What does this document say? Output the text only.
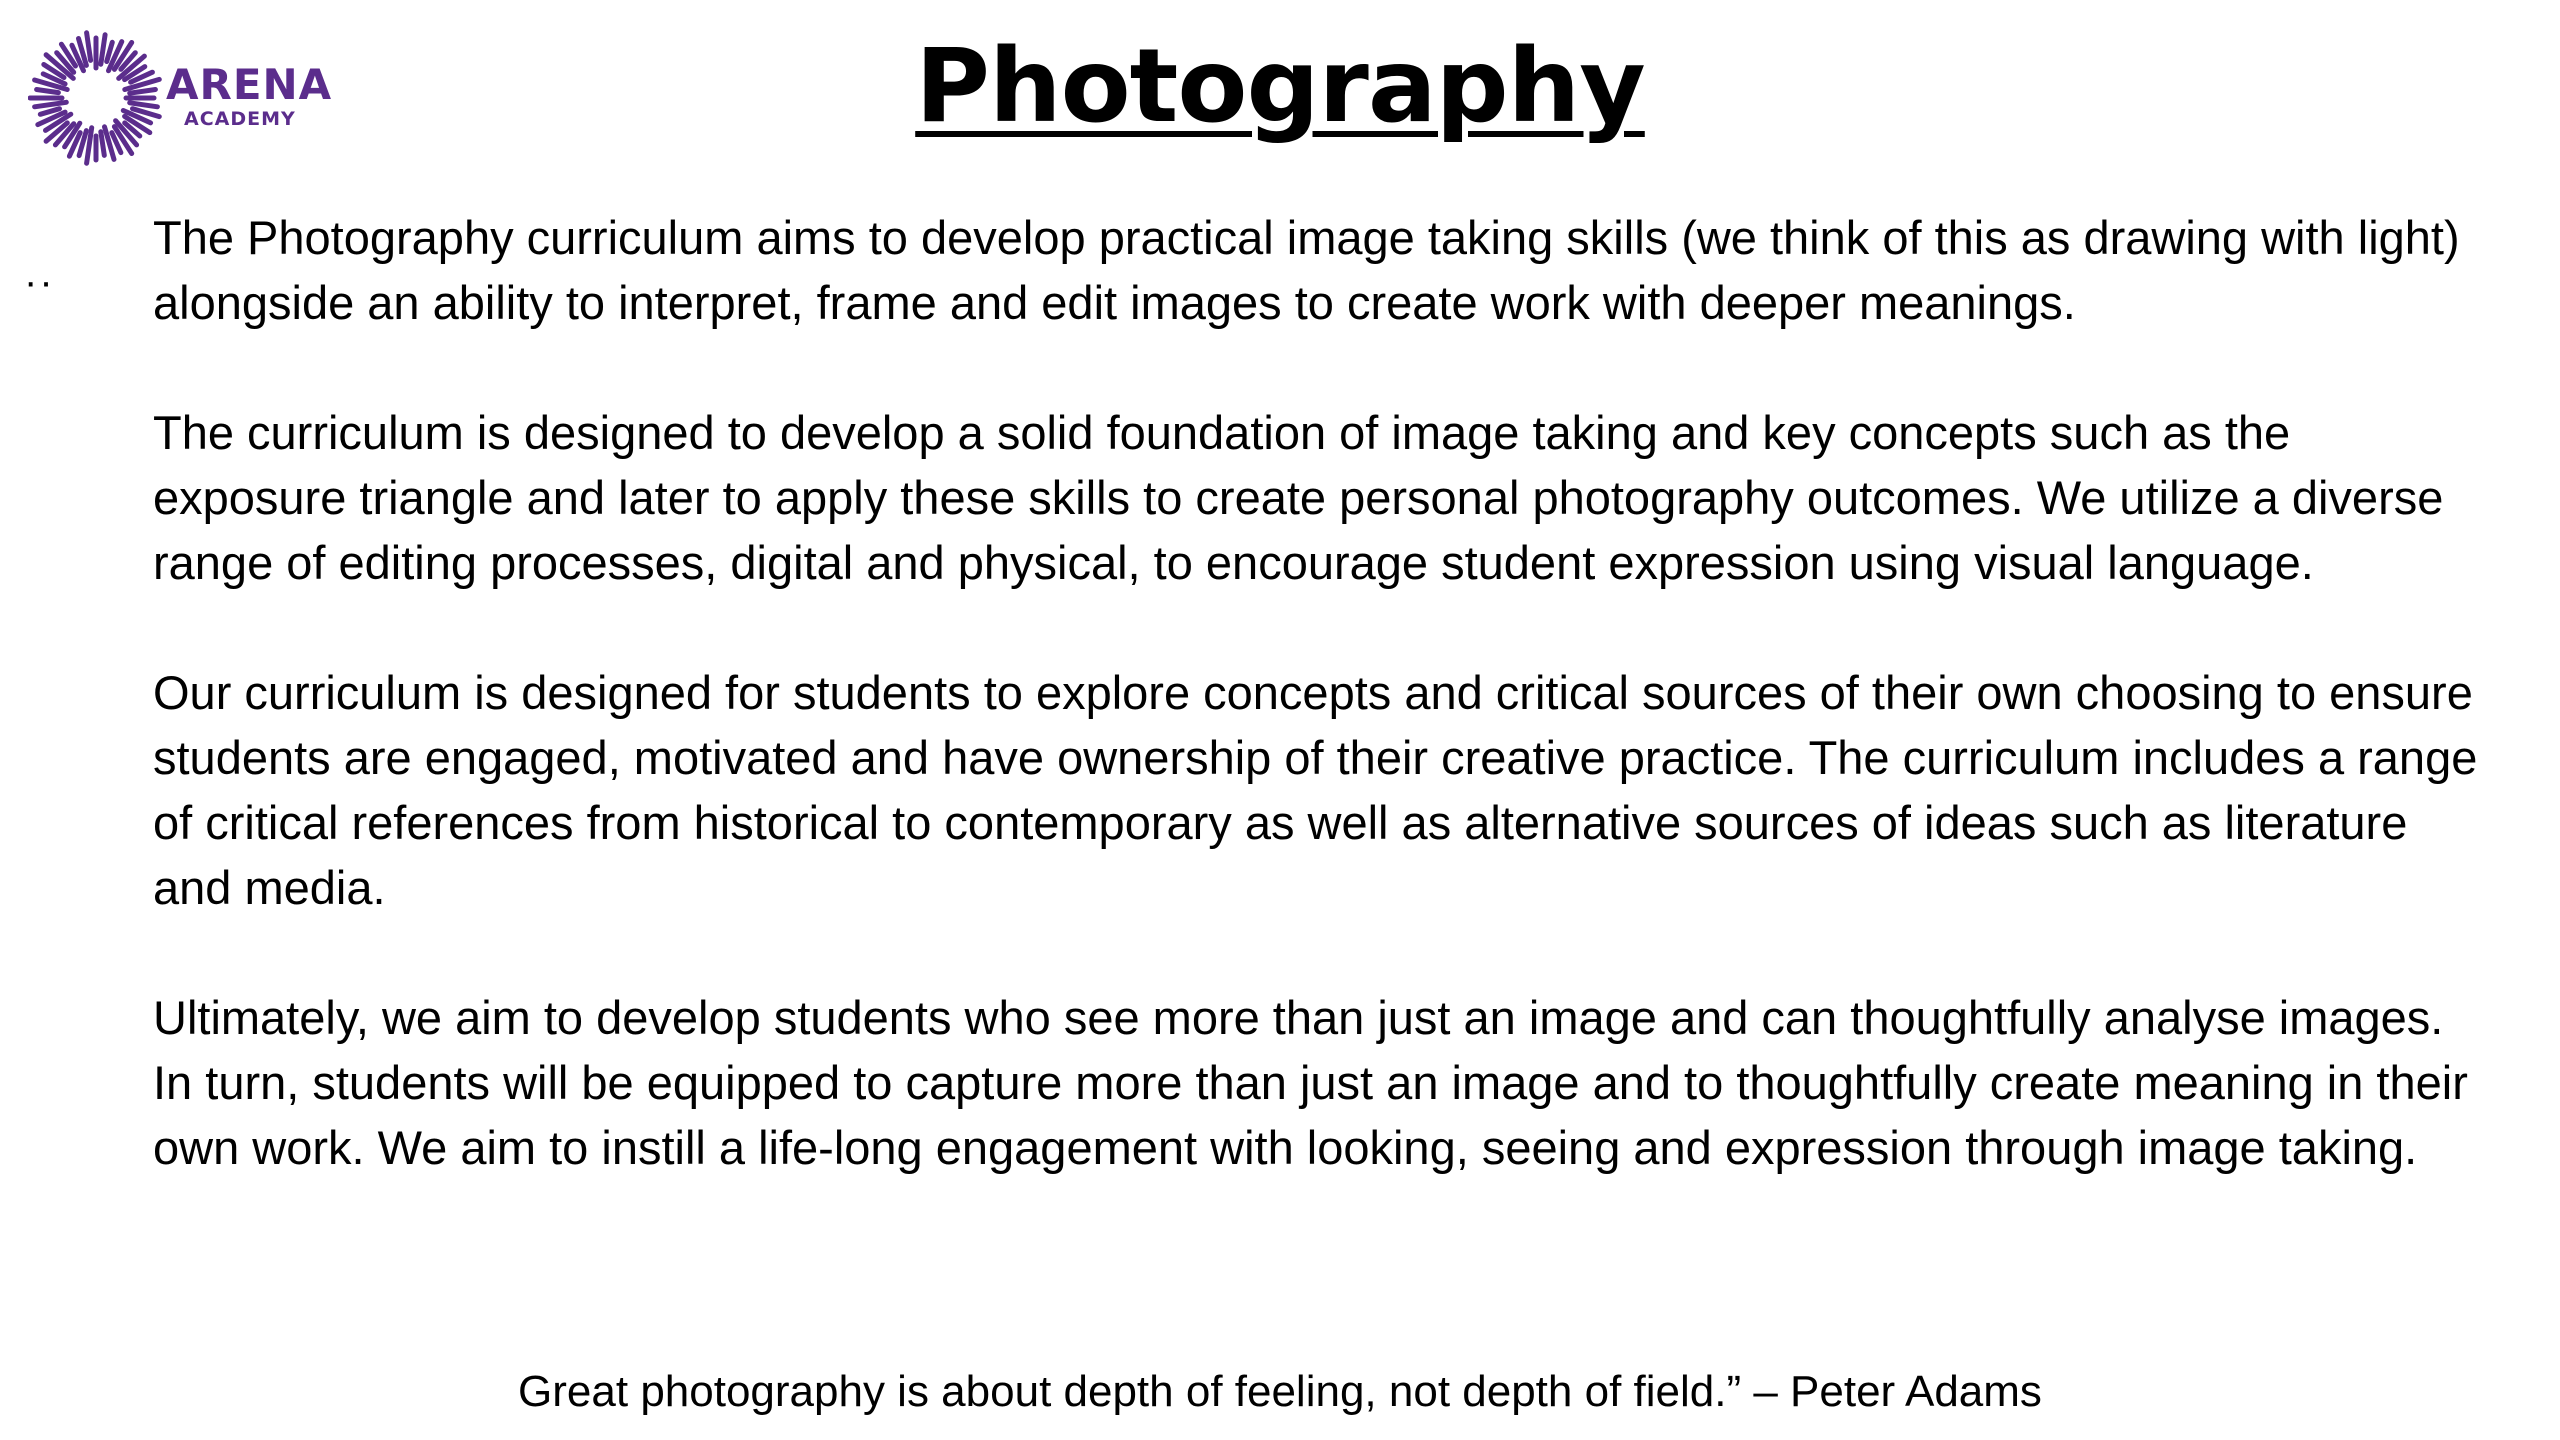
ARENA
ACADEMY	Photography
··

The Photography curriculum aims to develop practical image taking skills (we think of this as drawing with light) alongside an ability to interpret, frame and edit images to create work with deeper meanings.

The curriculum is designed to develop a solid foundation of image taking and key concepts such as the exposure triangle and later to apply these skills to create personal photography outcomes. We utilize a diverse range of editing processes, digital and physical, to encourage student expression using visual language.

Our curriculum is designed for students to explore concepts and critical sources of their own choosing to ensure students are engaged, motivated and have ownership of their creative practice. The curriculum includes a range of critical references from historical to contemporary as well as alternative sources of ideas such as literature and media.

Ultimately, we aim to develop students who see more than just an image and can thoughtfully analyse images. In turn, students will be equipped to capture more than just an image and to thoughtfully create meaning in their own work. We aim to instill a life-long engagement with looking, seeing and expression through image taking.

Great photography is about depth of feeling, not depth of field.” – Peter Adams
